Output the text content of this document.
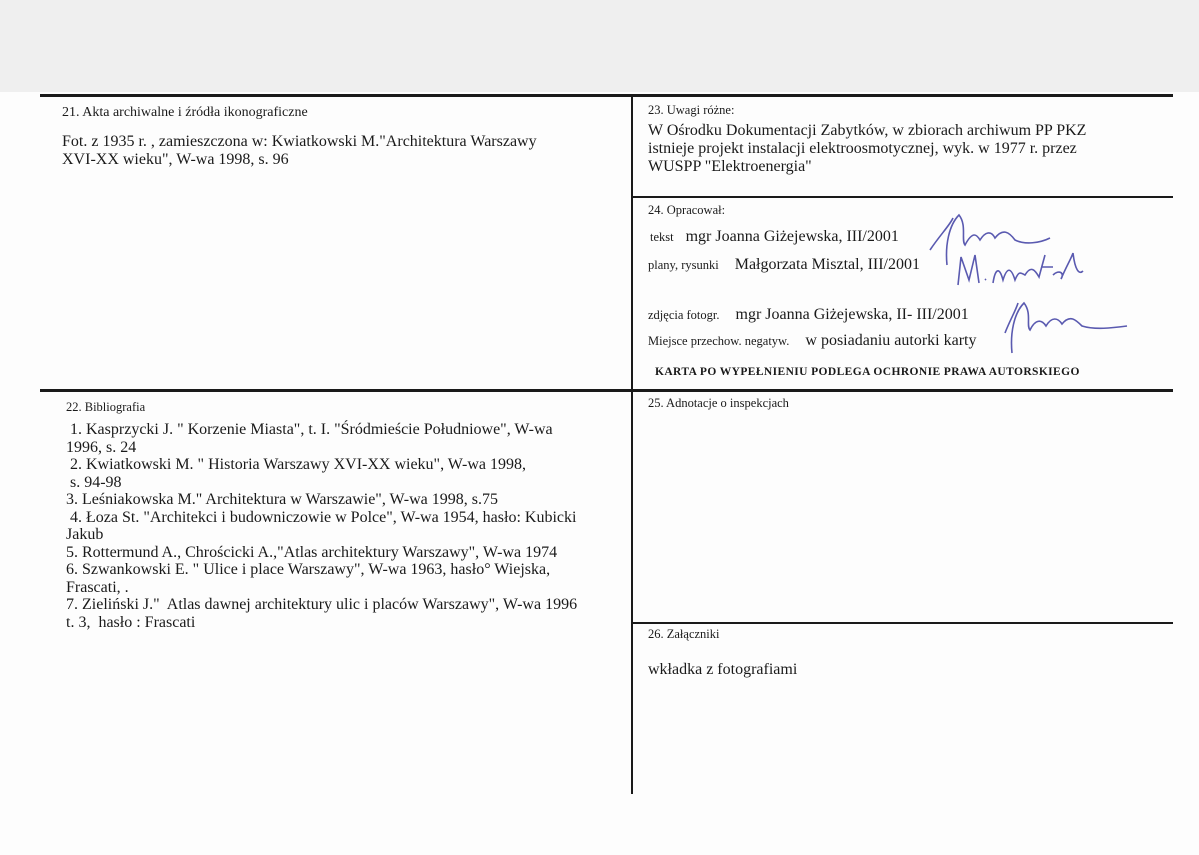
21. Akta archiwalne i źródła ikonograficzne
Fot. z 1935 r. , zamieszczona w: Kwiatkowski M."Architektura Warszawy
XVI-XX wieku", W-wa 1998, s. 96
22. Bibliografia
1. Kasprzycki J. " Korzenie Miasta", t. I. "Śródmieście Południowe", W-wa
1996, s. 24
2. Kwiatkowski M. " Historia Warszawy XVI-XX wieku", W-wa 1998,
s. 94-98
3. Leśniakowska M." Architektura w Warszawie", W-wa 1998, s.75
4. Łoza St. "Architekci i budowniczowie w Polce", W-wa 1954, hasło: Kubicki
Jakub
5. Rottermund A., Chrościcki A.,"Atlas architektury Warszawy", W-wa 1974
6. Szwankowski E. " Ulice i place Warszawy", W-wa 1963, hasło° Wiejska,
Frascati, .
7. Zieliński J."  Atlas dawnej architektury ulic i placów Warszawy", W-wa 1996
t. 3,  hasło : Frascati
23. Uwagi różne:
W Ośrodku Dokumentacji Zabytków, w zbiorach archiwum PP PKZ
istnieje projekt instalacji elektroosmotycznej, wyk. w 1977 r. przez
WUSPP "Elektroenergia"
24. Opracował:
tekst mgr Joanna Giżejewska, III/2001
plany, rysunki Małgorzata Misztal, III/2001
zdjęcia fotogr. mgr Joanna Giżejewska, II- III/2001
Miejsce przechow. negatyw. w posiadaniu autorki karty
KARTA PO WYPEŁNIENIU PODLEGA OCHRONIE PRAWA AUTORSKIEGO
25. Adnotacje o inspekcjach
26. Załączniki
wkładka z fotografiami
